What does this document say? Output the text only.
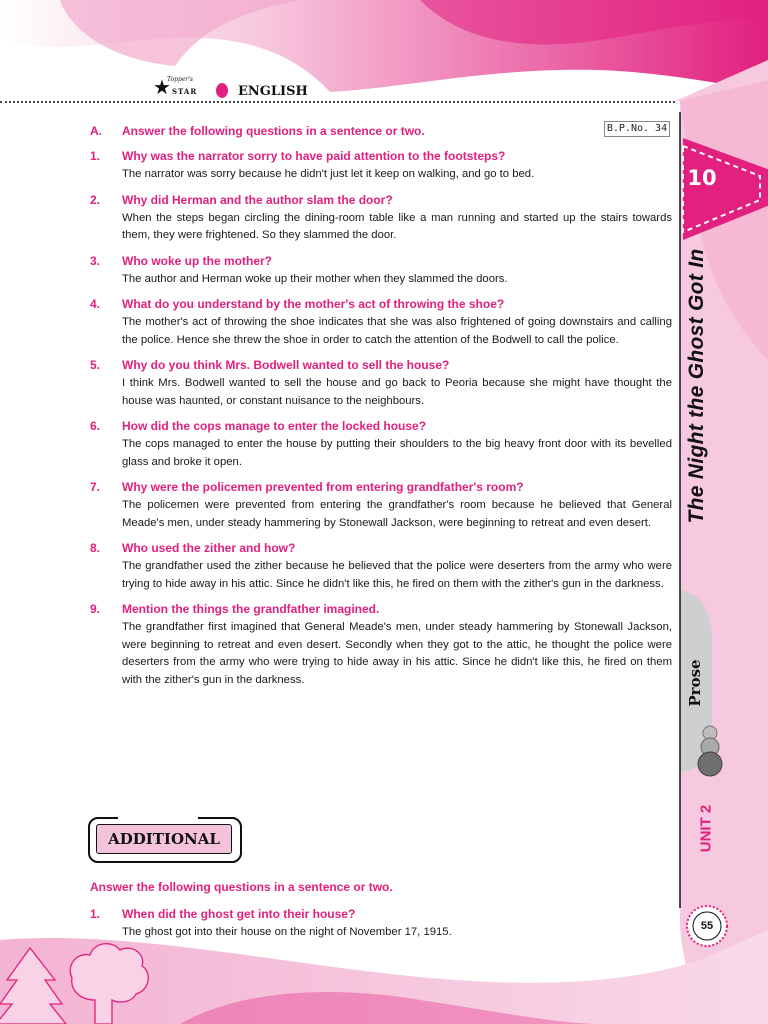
Topper's
★ STAR	ENGLISH
B.P.No. 34
A.	Answer the following questions in a sentence or two.
1.	Why was the narrator sorry to have paid attention to the footsteps?
The narrator was sorry because he didn't just let it keep on walking, and go to bed.
2.	Why did Herman and the author slam the door?
When the steps began circling the dining-room table like a man running and started up the stairs towards them, they were frightened. So they slammed the door.
3.	Who woke up the mother?
The author and Herman woke up their mother when they slammed the doors.
4.	What do you understand by the mother's act of throwing the shoe?
The mother's act of throwing the shoe indicates that she was also frightened of going downstairs and calling the police. Hence she threw the shoe in order to catch the attention of the Bodwell to call the police.
5.	Why do you think Mrs. Bodwell wanted to sell the house?
I think Mrs. Bodwell wanted to sell the house and go back to Peoria because she might have thought the house was haunted, or constant nuisance to the neighbours.
6.	How did the cops manage to enter the locked house?
The cops managed to enter the house by putting their shoulders to the big heavy front door with its bevelled glass and broke it open.
7.	Why were the policemen prevented from entering grandfather's room?
The policemen were prevented from entering the grandfather's room because he believed that General Meade's men, under steady hammering by Stonewall Jackson, were beginning to retreat and even desert.
8.	Who used the zither and how?
The grandfather used the zither because he believed that the police were deserters from the army who were trying to hide away in his attic. Since he didn't like this, he fired on them with the zither's gun in the darkness.
9.	Mention the things the grandfather imagined.
The grandfather first imagined that General Meade's men, under steady hammering by Stonewall Jackson, were beginning to retreat and even desert. Secondly when they got to the attic, he thought the police were deserters from the army who were trying to hide away in his attic. Since he didn't like this, he fired on them with the zither's gun in the darkness.
ADDITIONAL
Answer the following questions in a sentence or two.
1.	When did the ghost get into their house?
The ghost got into their house on the night of November 17, 1915.
10
The Night the Ghost Got In
Prose
UNIT 2
55
